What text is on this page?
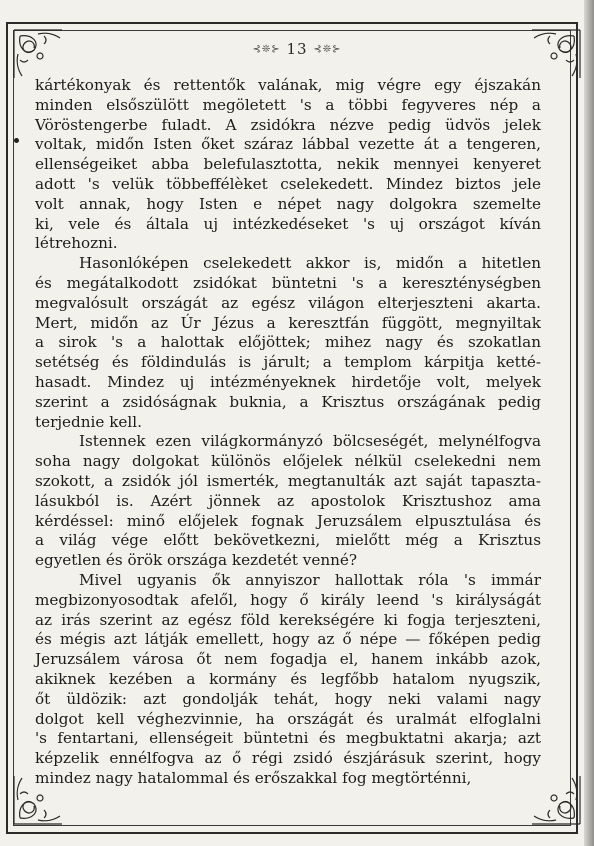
⊰❊⊱ 13 ⊰❊⊱

kártékonyak és rettentők valának, mig végre egy éjszakán
minden elsőszülött megöletett 's a többi fegyveres nép a
Vöröstengerbe fuladt. A zsidókra nézve pedig üdvös jelek
voltak, midőn Isten őket száraz lábbal vezette át a tengeren,
ellenségeiket abba belefulasztotta, nekik mennyei kenyeret
adott 's velük többeffélèket cselekedett. Mindez biztos jele
volt annak, hogy Isten e népet nagy dolgokra szemelte
ki, vele és általa uj intézkedéseket 's uj országot kíván
létrehozni.

Hasonlóképen cselekedett akkor is, midőn a hitetlen
és megátalkodott zsidókat büntetni 's a kereszténységben
megvalósult országát az egész világon elterjeszteni akarta.
Mert, midőn az Úr Jézus a keresztfán függött, megnyiltak
a sirok 's a halottak előjöttek; mihez nagy és szokatlan
setétség és földindulás is járult; a templom kárpitja ketté-
hasadt. Mindez uj intézményeknek hirdetője volt, melyek
szerint a zsidóságnak buknia, a Krisztus országának pedig
terjednie kell.

Istennek ezen világkormányzó bölcseségét, melynélfogva
soha nagy dolgokat különös előjelek nélkül cselekedni nem
szokott, a zsidók jól ismerték, megtanulták azt saját tapaszta-
lásukból is. Azért jönnek az apostolok Krisztushoz ama
kérdéssel: minő előjelek fognak Jeruzsálem elpusztulása és
a világ vége előtt bekövetkezni, mielőtt még a Krisztus
egyetlen és örök országa kezdetét venné?

Mivel ugyanis ők annyiszor hallottak róla 's immár
megbizonyosodtak afelől, hogy ő király leend 's királyságát
az irás szerint az egész föld kerekségére ki fogja terjeszteni,
és mégis azt látják emellett, hogy az ő népe — főképen pedig
Jeruzsálem városa őt nem fogadja el, hanem inkább azok,
akiknek kezében a kormány és legfőbb hatalom nyugszik,
őt üldözik: azt gondolják tehát, hogy neki valami nagy
dolgot kell véghezvinnie, ha országát és uralmát elfoglalni
's fentartani, ellenségeit büntetni és megbuktatni akarja; azt
képzelik ennélfogva az ő régi zsidó észjárásuk szerint, hogy
mindez nagy hatalommal és erőszakkal fog megtörténni,
